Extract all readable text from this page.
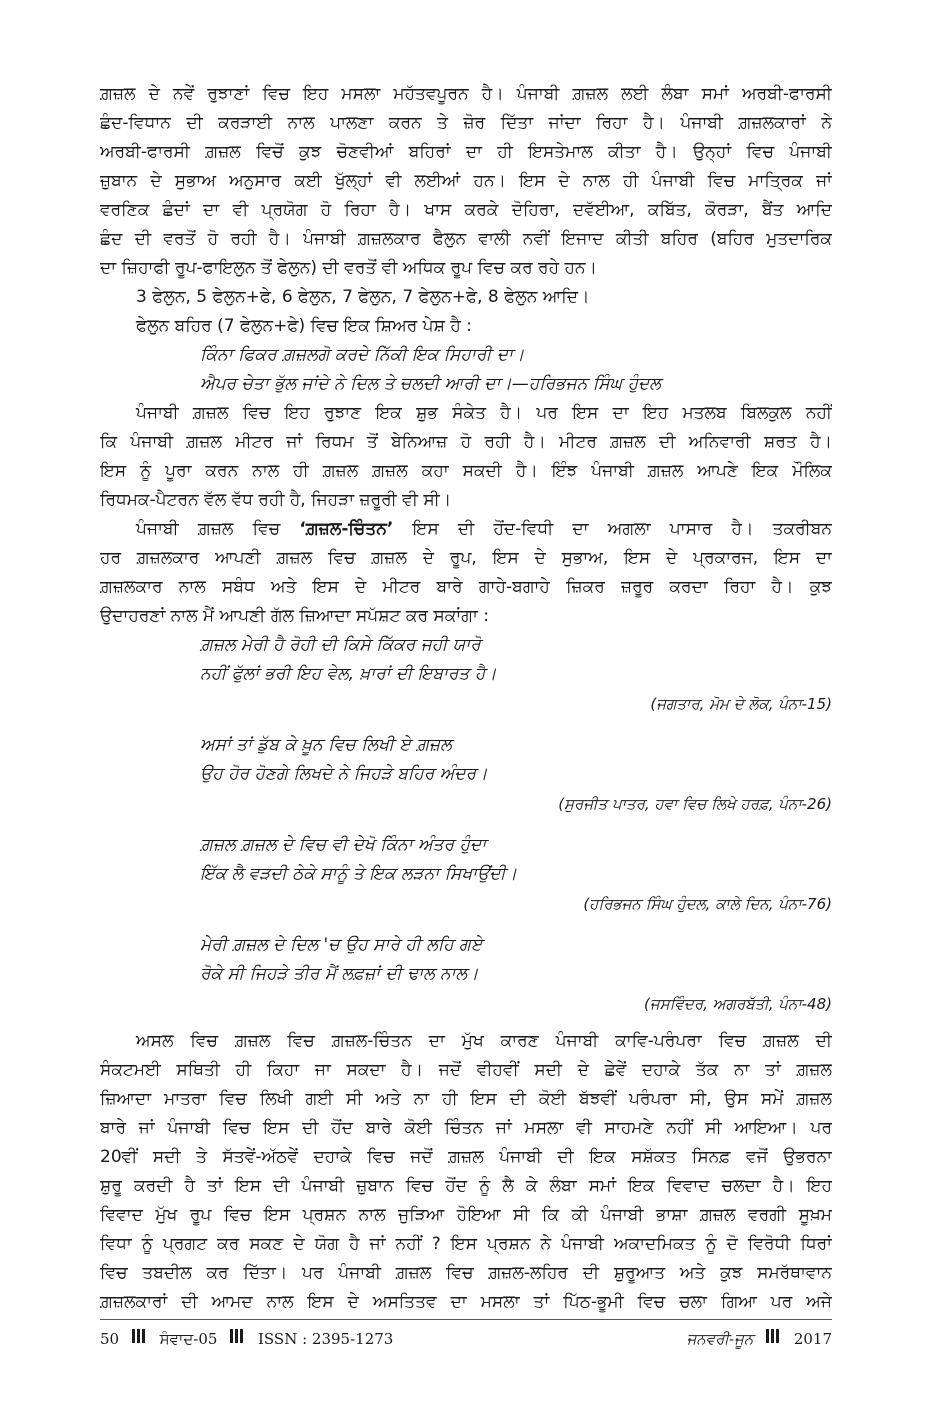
ਗ਼ਜ਼ਲ ਦੇ ਨਵੇਂ ਰੁਝਾਣਾਂ ਵਿਚ ਇਹ ਮਸਲਾ ਮਹੱਤਵਪੂਰਨ ਹੈ। ਪੰਜਾਬੀ ਗ਼ਜ਼ਲ ਲਈ ਲੰਬਾ ਸਮਾਂ ਅਰਬੀ-ਫਾਰਸੀ
ਛੰਦ-ਵਿਧਾਨ ਦੀ ਕਰੜਾਈ ਨਾਲ ਪਾਲਣਾ ਕਰਨ ਤੇ ਜ਼ੋਰ ਦਿੱਤਾ ਜਾਂਦਾ ਰਿਹਾ ਹੈ। ਪੰਜਾਬੀ ਗ਼ਜ਼ਲਕਾਰਾਂ ਨੇ
ਅਰਬੀ-ਫਾਰਸੀ ਗ਼ਜ਼ਲ ਵਿਚੋਂ ਕੁਝ ਚੋਣਵੀਆਂ ਬਹਿਰਾਂ ਦਾ ਹੀ ਇਸਤੇਮਾਲ ਕੀਤਾ ਹੈ। ਉਨ੍ਹਾਂ ਵਿਚ ਪੰਜਾਬੀ
ਜ਼ੁਬਾਨ ਦੇ ਸੁਭਾਅ ਅਨੁਸਾਰ ਕਈ ਖੁੱਲ੍ਹਾਂ ਵੀ ਲਈਆਂ ਹਨ। ਇਸ ਦੇ ਨਾਲ ਹੀ ਪੰਜਾਬੀ ਵਿਚ ਮਾਤ੍ਰਿਕ ਜਾਂ
ਵਰਣਿਕ ਛੰਦਾਂ ਦਾ ਵੀ ਪ੍ਰਯੋਗ ਹੋ ਰਿਹਾ ਹੈ। ਖਾਸ ਕਰਕੇ ਦੋਹਿਰਾ, ਦਵੱਈਆ, ਕਬਿੱਤ, ਕੋਰੜਾ, ਬੈਂਤ ਆਦਿ
ਛੰਦ ਦੀ ਵਰਤੋਂ ਹੋ ਰਹੀ ਹੈ। ਪੰਜਾਬੀ ਗ਼ਜ਼ਲਕਾਰ ਫੈਲੁਨ ਵਾਲੀ ਨਵੀਂ ਇਜਾਦ ਕੀਤੀ ਬਹਿਰ (ਬਹਿਰ ਮੁਤਦਾਰਿਕ
ਦਾ ਜ਼ਿਹਾਫੀ ਰੂਪ-ਫਾਇਲੁਨ ਤੋਂ ਫੇਲੁਨ) ਦੀ ਵਰਤੋਂ ਵੀ ਅਧਿਕ ਰੂਪ ਵਿਚ ਕਰ ਰਹੇ ਹਨ।
3 ਫੇਲੁਨ, 5 ਫੇਲੁਨ+ਫੇ, 6 ਫੇਲੁਨ, 7 ਫੇਲੁਨ, 7 ਫੇਲੁਨ+ਫੇ, 8 ਫੇਲੁਨ ਆਦਿ।
ਫੇਲੁਨ ਬਹਿਰ (7 ਫੇਲੁਨ+ਫੇ) ਵਿਚ ਇਕ ਸ਼ਿਅਰ ਪੇਸ਼ ਹੈ :
ਕਿੰਨਾ ਫਿਕਰ ਗ਼ਜ਼ਲਗੋ ਕਰਦੇ ਨਿੱਕੀ ਇਕ ਸਿਹਾਰੀ ਦਾ।
ਐਪਰ ਚੇਤਾ ਭੁੱਲ ਜਾਂਦੇ ਨੇ ਦਿਲ ਤੇ ਚਲਦੀ ਆਰੀ ਦਾ।—ਹਰਿਭਜਨ ਸਿੰਘ ਹੁੰਦਲ
ਪੰਜਾਬੀ ਗ਼ਜ਼ਲ ਵਿਚ ਇਹ ਰੁਝਾਣ ਇਕ ਸ਼ੁਭ ਸੰਕੇਤ ਹੈ। ਪਰ ਇਸ ਦਾ ਇਹ ਮਤਲਬ ਬਿਲਕੁਲ ਨਹੀਂ
ਕਿ ਪੰਜਾਬੀ ਗ਼ਜ਼ਲ ਮੀਟਰ ਜਾਂ ਰਿਧਮ ਤੋਂ ਬੇਨਿਆਜ਼ ਹੋ ਰਹੀ ਹੈ। ਮੀਟਰ ਗ਼ਜ਼ਲ ਦੀ ਅਨਿਵਾਰੀ ਸ਼ਰਤ ਹੈ।
ਇਸ ਨੂੰ ਪੂਰਾ ਕਰਨ ਨਾਲ ਹੀ ਗ਼ਜ਼ਲ ਗ਼ਜ਼ਲ ਕਹਾ ਸਕਦੀ ਹੈ। ਇੰਝ ਪੰਜਾਬੀ ਗ਼ਜ਼ਲ ਆਪਣੇ ਇਕ ਮੌਲਿਕ
ਰਿਧਮਕ-ਪੈਟਰਨ ਵੱਲ ਵੱਧ ਰਹੀ ਹੈ, ਜਿਹੜਾ ਜ਼ਰੂਰੀ ਵੀ ਸੀ।
ਪੰਜਾਬੀ ਗ਼ਜ਼ਲ ਵਿਚ ‘ਗ਼ਜ਼ਲ-ਚਿੰਤਨ’ ਇਸ ਦੀ ਹੋਂਦ-ਵਿਧੀ ਦਾ ਅਗਲਾ ਪਾਸਾਰ ਹੈ। ਤਕਰੀਬਨ
ਹਰ ਗ਼ਜ਼ਲਕਾਰ ਆਪਣੀ ਗ਼ਜ਼ਲ ਵਿਚ ਗ਼ਜ਼ਲ ਦੇ ਰੂਪ, ਇਸ ਦੇ ਸੁਭਾਅ, ਇਸ ਦੇ ਪ੍ਰਕਾਰਜ, ਇਸ ਦਾ
ਗ਼ਜ਼ਲਕਾਰ ਨਾਲ ਸਬੰਧ ਅਤੇ ਇਸ ਦੇ ਮੀਟਰ ਬਾਰੇ ਗਾਹੇ-ਬਗਾਹੇ ਜ਼ਿਕਰ ਜ਼ਰੂਰ ਕਰਦਾ ਰਿਹਾ ਹੈ। ਕੁਝ
ਉਦਾਹਰਣਾਂ ਨਾਲ ਮੈਂ ਆਪਣੀ ਗੱਲ ਜ਼ਿਆਦਾ ਸਪੱਸ਼ਟ ਕਰ ਸਕਾਂਗਾ :
ਗ਼ਜ਼ਲ ਮੇਰੀ ਹੈ ਰੋਹੀ ਦੀ ਕਿਸੇ ਕਿੱਕਰ ਜਹੀ ਯਾਰੋ
ਨਹੀਂ ਫੁੱਲਾਂ ਭਰੀ ਇਹ ਵੇਲ, ਖ਼ਾਰਾਂ ਦੀ ਇਬਾਰਤ ਹੈ।
(ਜਗਤਾਰ, ਮੋਮ ਦੇ ਲੋਕ, ਪੰਨਾ-15)
ਅਸਾਂ ਤਾਂ ਡੁੱਬ ਕੇ ਖ਼ੂਨ ਵਿਚ ਲਿਖੀ ਏ ਗ਼ਜ਼ਲ
ਉਹ ਹੋਰ ਹੋਣਗੇ ਲਿਖਦੇ ਨੇ ਜਿਹੜੇ ਬਹਿਰ ਅੰਦਰ।
(ਸੁਰਜੀਤ ਪਾਤਰ, ਹਵਾ ਵਿਚ ਲਿਖੇ ਹਰਫ਼, ਪੰਨਾ-26)
ਗ਼ਜ਼ਲ ਗ਼ਜ਼ਲ ਦੇ ਵਿਚ ਵੀ ਦੇਖੋ ਕਿੰਨਾ ਅੰਤਰ ਹੁੰਦਾ
ਇੱਕ ਲੈ ਵੜਦੀ ਠੇਕੇ ਸਾਨੂੰ ਤੇ ਇਕ ਲੜਨਾ ਸਿਖਾਉਂਦੀ।
(ਹਰਿਭਜਨ ਸਿੰਘ ਹੁੰਦਲ, ਕਾਲੇ ਦਿਨ, ਪੰਨਾ-76)
ਮੇਰੀ ਗ਼ਜ਼ਲ ਦੇ ਦਿਲ 'ਚ ਉਹ ਸਾਰੇ ਹੀ ਲਹਿ ਗਏ
ਰੋਕੇ ਸੀ ਜਿਹੜੇ ਤੀਰ ਮੈਂ ਲਫ਼ਜ਼ਾਂ ਦੀ ਢਾਲ ਨਾਲ।
(ਜਸਵਿੰਦਰ, ਅਗਰਬੱਤੀ, ਪੰਨਾ-48)
ਅਸਲ ਵਿਚ ਗ਼ਜ਼ਲ ਵਿਚ ਗ਼ਜ਼ਲ-ਚਿੰਤਨ ਦਾ ਮੁੱਖ ਕਾਰਣ ਪੰਜਾਬੀ ਕਾਵਿ-ਪਰੰਪਰਾ ਵਿਚ ਗ਼ਜ਼ਲ ਦੀ
ਸੰਕਟਮਈ ਸਥਿਤੀ ਹੀ ਕਿਹਾ ਜਾ ਸਕਦਾ ਹੈ। ਜਦੋਂ ਵੀਹਵੀਂ ਸਦੀ ਦੇ ਛੇਵੇਂ ਦਹਾਕੇ ਤੱਕ ਨਾ ਤਾਂ ਗ਼ਜ਼ਲ
ਜ਼ਿਆਦਾ ਮਾਤਰਾ ਵਿਚ ਲਿਖੀ ਗਈ ਸੀ ਅਤੇ ਨਾ ਹੀ ਇਸ ਦੀ ਕੋਈ ਬੱਝਵੀਂ ਪਰੰਪਰਾ ਸੀ, ਉਸ ਸਮੇਂ ਗ਼ਜ਼ਲ
ਬਾਰੇ ਜਾਂ ਪੰਜਾਬੀ ਵਿਚ ਇਸ ਦੀ ਹੋਂਦ ਬਾਰੇ ਕੋਈ ਚਿੰਤਨ ਜਾਂ ਮਸਲਾ ਵੀ ਸਾਹਮਣੇ ਨਹੀਂ ਸੀ ਆਇਆ। ਪਰ
20ਵੀਂ ਸਦੀ ਤੇ ਸੱਤਵੇਂ-ਅੱਠਵੇਂ ਦਹਾਕੇ ਵਿਚ ਜਦੋਂ ਗ਼ਜ਼ਲ ਪੰਜਾਬੀ ਦੀ ਇਕ ਸਸ਼ੱਕਤ ਸਿਨਫ਼ ਵਜੋਂ ਉਭਰਨਾ
ਸ਼ੁਰੂ ਕਰਦੀ ਹੈ ਤਾਂ ਇਸ ਦੀ ਪੰਜਾਬੀ ਜ਼ੁਬਾਨ ਵਿਚ ਹੋਂਦ ਨੂੰ ਲੈ ਕੇ ਲੰਬਾ ਸਮਾਂ ਇਕ ਵਿਵਾਦ ਚਲਦਾ ਹੈ। ਇਹ
ਵਿਵਾਦ ਮੁੱਖ ਰੂਪ ਵਿਚ ਇਸ ਪ੍ਰਸ਼ਨ ਨਾਲ ਜੁੜਿਆ ਹੋਇਆ ਸੀ ਕਿ ਕੀ ਪੰਜਾਬੀ ਭਾਸ਼ਾ ਗ਼ਜ਼ਲ ਵਰਗੀ ਸੂਖ਼ਮ
ਵਿਧਾ ਨੂੰ ਪ੍ਰਗਟ ਕਰ ਸਕਣ ਦੇ ਯੋਗ ਹੈ ਜਾਂ ਨਹੀਂ ? ਇਸ ਪ੍ਰਸ਼ਨ ਨੇ ਪੰਜਾਬੀ ਅਕਾਦਮਿਕਤ ਨੂੰ ਦੋ ਵਿਰੋਧੀ ਧਿਰਾਂ
ਵਿਚ ਤਬਦੀਲ ਕਰ ਦਿੱਤਾ। ਪਰ ਪੰਜਾਬੀ ਗ਼ਜ਼ਲ ਵਿਚ ਗ਼ਜ਼ਲ-ਲਹਿਰ ਦੀ ਸ਼ੁਰੂਆਤ ਅਤੇ ਕੁਝ ਸਮਰੱਥਾਵਾਨ
ਗ਼ਜ਼ਲਕਾਰਾਂ ਦੀ ਆਮਦ ਨਾਲ ਇਸ ਦੇ ਅਸਤਿਤਵ ਦਾ ਮਸਲਾ ਤਾਂ ਪਿੱਠ-ਭੂਮੀ ਵਿਚ ਚਲਾ ਗਿਆ ਪਰ ਅਜੇ
50	ਸੰਵਾਦ-05	ISSN : 2395-1273	ਜਨਵਰੀ-ਜੂਨ	2017
